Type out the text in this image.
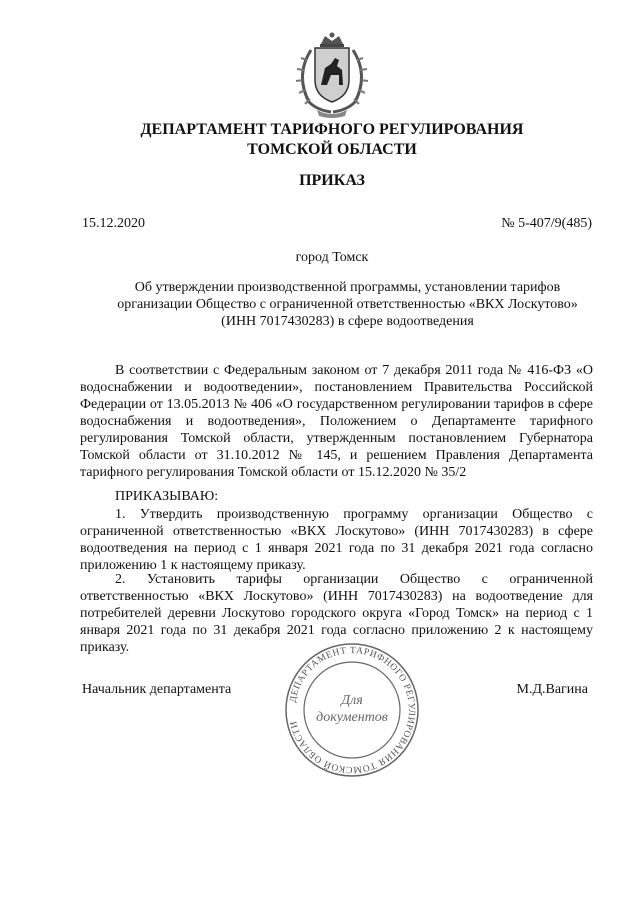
ДЕПАРТАМЕНТ ТАРИФНОГО РЕГУЛИРОВАНИЯ
ТОМСКОЙ ОБЛАСТИ
ПРИКАЗ
15.12.2020	№ 5-407/9(485)
город Томск
Об утверждении производственной программы, установлении тарифов организации Общество с ограниченной ответственностью «ВКХ Лоскутово» (ИНН 7017430283) в сфере водоотведения

В соответствии с Федеральным законом от 7 декабря 2011 года № 416-ФЗ «О водоснабжении и водоотведении», постановлением Правительства Российской Федерации от 13.05.2013 № 406 «О государственном регулировании тарифов в сфере водоснабжения и водоотведения», Положением о Департаменте тарифного регулирования Томской области, утвержденным постановлением Губернатора Томской области от 31.10.2012 № 145, и решением Правления Департамента тарифного регулирования Томской области от 15.12.2020 № 35/2

ПРИКАЗЫВАЮ:

1. Утвердить производственную программу организации Общество с ограниченной ответственностью «ВКХ Лоскутово» (ИНН 7017430283) в сфере водоотведения на период с 1 января 2021 года по 31 декабря 2021 года согласно приложению 1 к настоящему приказу.

2. Установить тарифы организации Общество с ограниченной ответственностью «ВКХ Лоскутово» (ИНН 7017430283) на водоотведение для потребителей деревни Лоскутово городского округа «Город Томск» на период с 1 января 2021 года по 31 декабря 2021 года согласно приложению 2 к настоящему приказу.

Начальник департамента	М.Д.Вагина
ДЕПАРТАМЕНТ ТАРИФНОГО РЕГУЛИРОВАНИЯ ТОМСКОЙ ОБЛАСТИ
Для
документов
